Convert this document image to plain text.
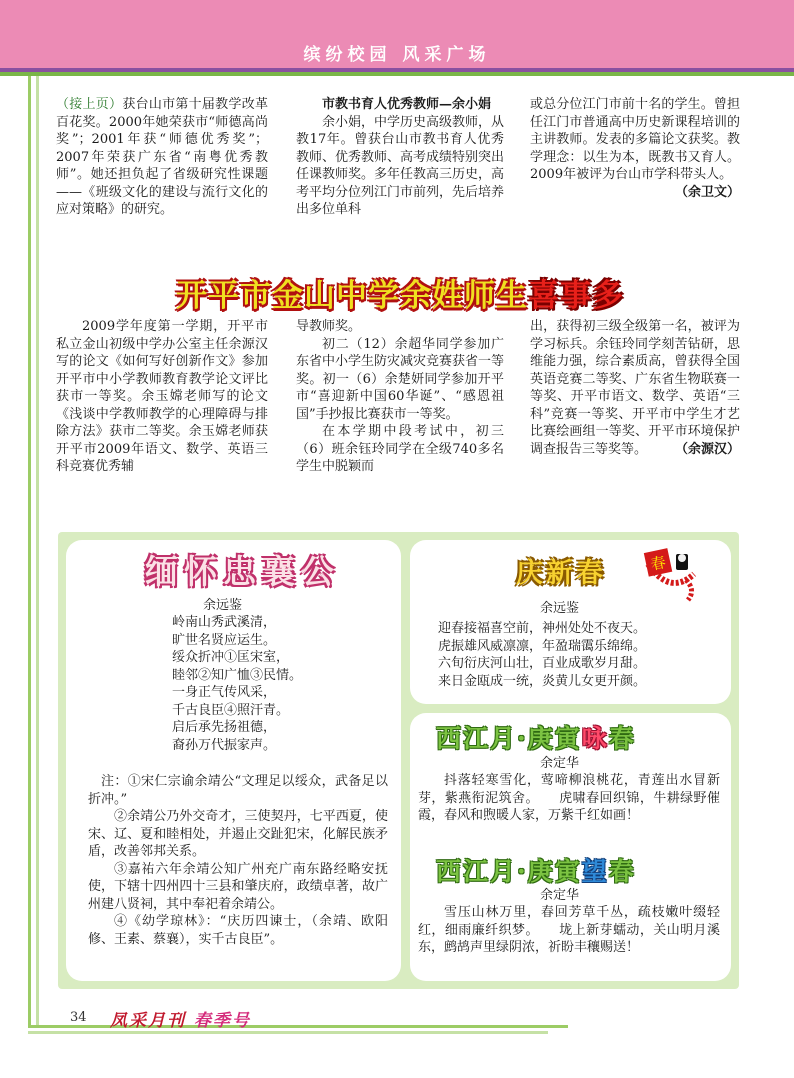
缤纷校园 风采广场

（接上页）获台山市第十届教学改革百花奖。2000年她荣获市“师德高尚奖”；2001年获“师德优秀奖”；2007年荣获广东省“南粤优秀教师”。她还担负起了省级研究性课题——《班级文化的建设与流行文化的应对策略》的研究。

市教书育人优秀教师—余小娟

余小娟，中学历史高级教师，从教17年。曾获台山市教书育人优秀教师、优秀教师、高考成绩特别突出任课教师奖。多年任教高三历史，高考平均分位列江门市前列，先后培养出多位单科

或总分位江门市前十名的学生。曾担任江门市普通高中历史新课程培训的主讲教师。发表的多篇论文获奖。教学理念：以生为本，既教书又育人。2009年被评为台山市学科带头人。

（余卫文）

开平市金山中学余姓师生喜事多

2009学年度第一学期，开平市私立金山初级中学办公室主任余源汉写的论文《如何写好创新作文》参加开平市中小学教师教育教学论文评比获市一等奖。余玉嫦老师写的论文《浅谈中学教师教学的心理障碍与排除方法》获市二等奖。余玉嫦老师获开平市2009年语文、数学、英语三科竞赛优秀辅

导教师奖。

初二（12）余超华同学参加广东省中小学生防灾减灾竞赛获省一等奖。初一（6）余楚妍同学参加开平市“喜迎新中国60华诞”、“感恩祖国”手抄报比赛获市一等奖。

在本学期中段考试中，初三（6）班余钰玲同学在全级740多名学生中脱颖而

出，获得初三级全级第一名，被评为学习标兵。余钰玲同学刻苦钻研，思维能力强，综合素质高，曾获得全国英语竞赛二等奖、广东省生物联赛一等奖、开平市语文、数学、英语“三科”竞赛一等奖、开平市中学生才艺比赛绘画组一等奖、开平市环境保护调查报告三等奖等。	（余源汉）

缅怀忠襄公
余远鉴
岭南山秀武溪清，
旷世名贤应运生。
绥众折冲①匡宋室，
睦邻②知广恤③民情。
一身正气传风采，
千古良臣④照汗青。
启后承先扬祖德，
裔孙万代振家声。

注：①宋仁宗谕余靖公“文理足以绥众，武备足以折冲。”

②余靖公乃外交奇才，三使契丹，七平西夏，使宋、辽、夏和睦相处，并遏止交趾犯宋，化解民族矛盾，改善邻邦关系。

③嘉祐六年余靖公知广州充广南东路经略安抚使，下辖十四州四十三县和肇庆府，政绩卓著，故广州建八贤祠，其中奉祀着余靖公。

④《幼学琼林》：“庆历四谏士，（余靖、欧阳修、王素、蔡襄），实千古良臣”。

庆新春	春
余远鉴
迎春接福喜空前，神州处处不夜天。
虎振雄风威凛凛，年盈瑞霭乐绵绵。
六旬衍庆河山壮，百业成歌岁月甜。
来日金瓯成一统，炎黄儿女更开颜。
西江月·庚寅咏春
余定华

抖落轻寒雪化，莺啼柳浪桃花，青莲出水冒新芽，紫燕衔泥筑舍。　　虎啸春回织锦，牛耕绿野催霞，春风和煦暖人家，万紫千红如画！

西江月·庚寅望春
余定华

雪压山林万里，春回芳草千丛，疏枝嫩叶缀轻红，细雨廉纤织梦。　　垅上新芽蠕动，关山明月溪东，鹧鸪声里绿阴浓，祈盼丰穰赐送！

34 凤采月刊 春季号
